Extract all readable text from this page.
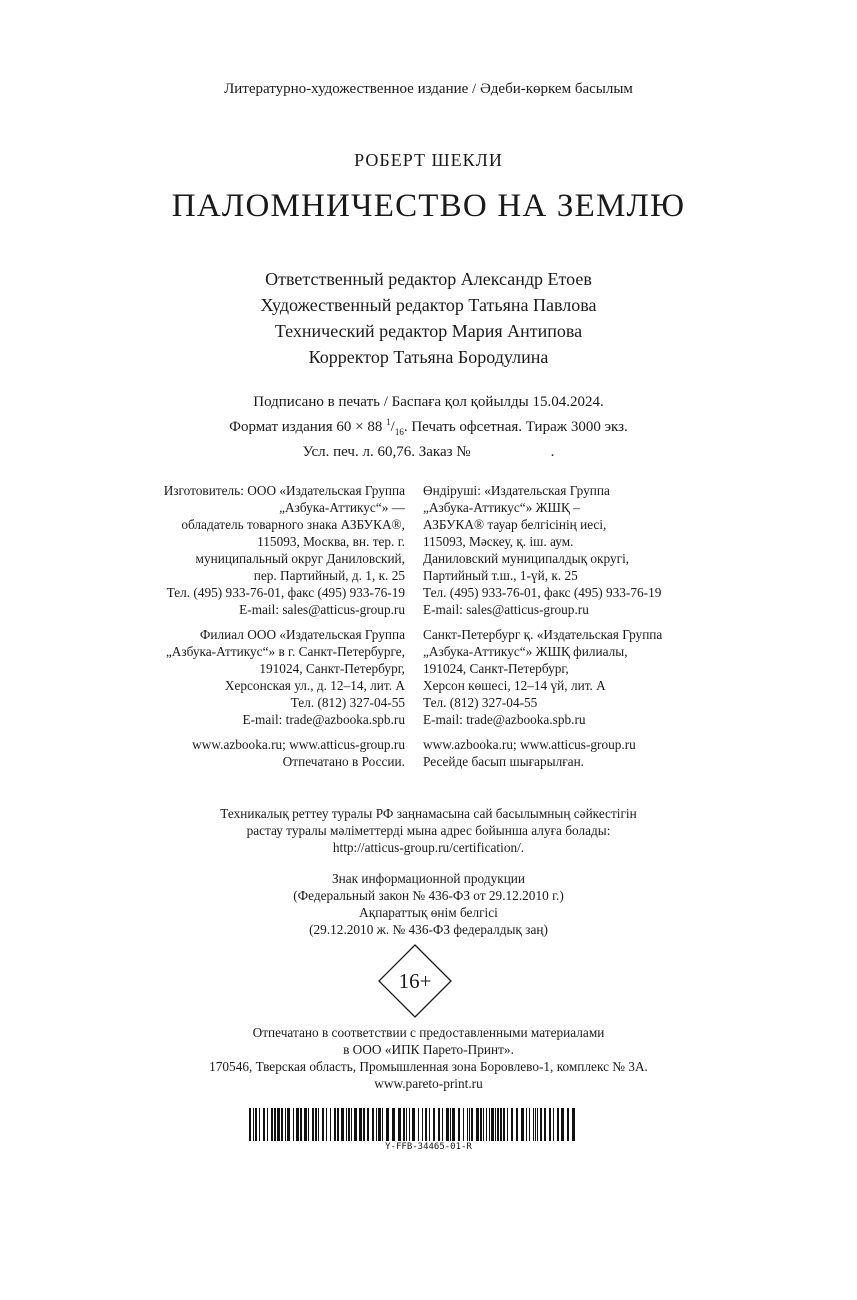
Литературно-художественное издание / Әдеби-көркем басылым
РОБЕРТ ШЕКЛИ
ПАЛОМНИЧЕСТВО НА ЗЕМЛЮ
Ответственный редактор Александр Етоев
Художественный редактор Татьяна Павлова
Технический редактор Мария Антипова
Корректор Татьяна Бородулина
Подписано в печать / Баспаға қол қойылды 15.04.2024.
Формат издания 60 × 88 $^1/_{16}$. Печать офсетная. Тираж 3000 экз.
Усл. печ. л. 60,76. Заказ №	.
Изготовитель: ООО «Издательская Группа
„Азбука-Аттикус“» —
обладатель товарного знака АЗБУКА®,
115093, Москва, вн. тер. г.
муниципальный округ Даниловский,
пер. Партийный, д. 1, к. 25
Тел. (495) 933-76-01, факс (495) 933-76-19
E-mail: sales@atticus-group.ru
Филиал ООО «Издательская Группа
„Азбука-Аттикус“» в г. Санкт-Петербурге,
191024, Санкт-Петербург,
Херсонская ул., д. 12–14, лит. А
Тел. (812) 327-04-55
E-mail: trade@azbooka.spb.ru
www.azbooka.ru; www.atticus-group.ru
Отпечатано в России.
Өндіруші: «Издательская Группа
„Азбука-Аттикус“» ЖШҚ –
АЗБУКА® тауар белгісінің иесі,
115093, Мәскеу, қ. іш. аум.
Даниловский муниципалдық округі,
Партийный т.ш., 1-үй, к. 25
Тел. (495) 933-76-01, факс (495) 933-76-19
E-mail: sales@atticus-group.ru
Санкт-Петербург қ. «Издательская Группа
„Азбука-Аттикус“» ЖШҚ филиалы,
191024, Санкт-Петербург,
Херсон көшесі, 12–14 үй, лит. А
Тел. (812) 327-04-55
E-mail: trade@azbooka.spb.ru
www.azbooka.ru; www.atticus-group.ru
Ресейде басып шығарылған.
Техникалық реттеу туралы РФ заңнамасына сай басылымның сәйкестігін
растау туралы мәліметтерді мына адрес бойынша алуға болады:
http://atticus-group.ru/certification/.
Знак информационной продукции
(Федеральный закон № 436-ФЗ от 29.12.2010 г.)
Ақпараттық өнім белгісі
(29.12.2010 ж. № 436-ФЗ федералдық заң)
16+
Отпечатано в соответствии с предоставленными материалами
в ООО «ИПК Парето-Принт».
170546, Тверская область, Промышленная зона Боровлево-1, комплекс № 3А.
www.pareto-print.ru
Y-FFB-34465-01-R
